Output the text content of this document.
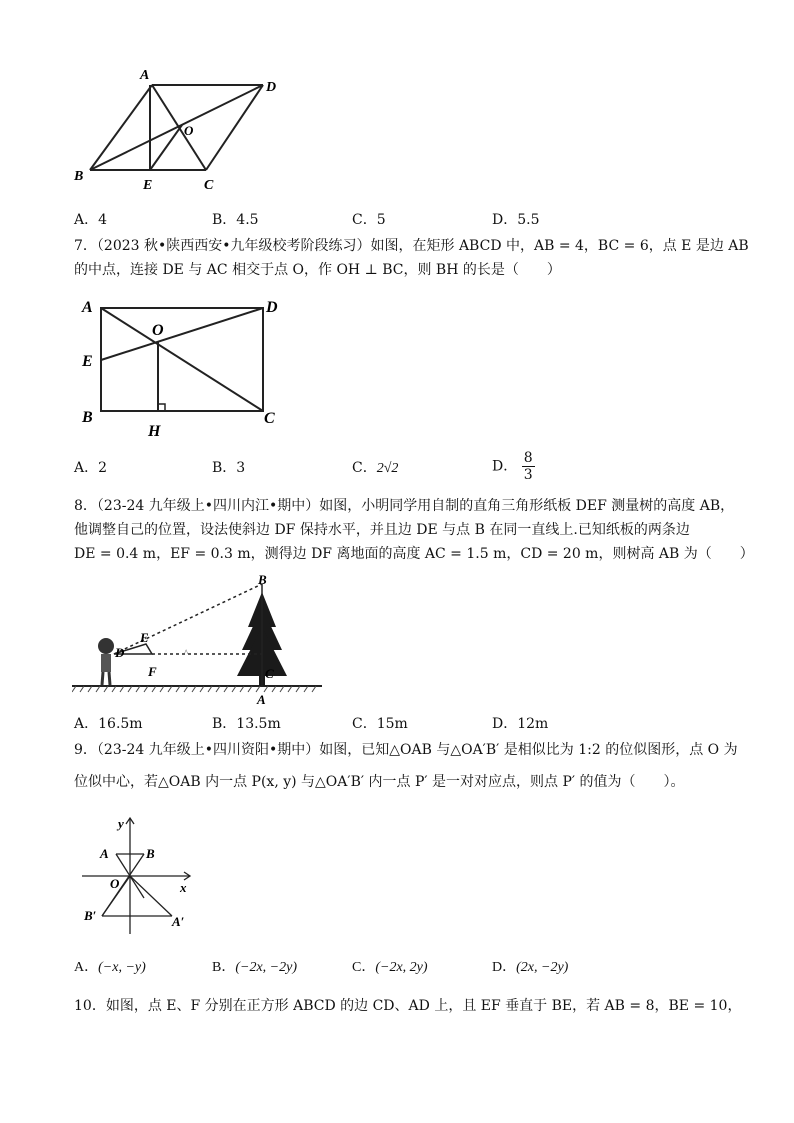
A
D
O
B
E	C
A．4	B．4.5	C．5	D．5.5
7．（2023 秋•陕西西安•九年级校考阶段练习）如图，在矩形 ABCD 中，AB = 4，BC = 6，点 E 是边 AB
的中点，连接 DE 与 AC 相交于点 O，作 OH ⊥ BC，则 BH 的长是（　　）
A	D
O
E
B
H
C
A．2	B．3	C．2√2	D． $\frac{8}{3}$
8．（23-24 九年级上•四川内江•期中）如图，小明同学用自制的直角三角形纸板 DEF 测量树的高度 AB，
他调整自己的位置，设法使斜边 DF 保持水平，并且边 DE 与点 B 在同一直线上.已知纸板的两条边
DE = 0.4 m，EF = 0.3 m，测得边 DF 离地面的高度 AC = 1.5 m，CD = 20 m，则树高 AB 为（　　）
^
B
E
D
F	C
A
A．16.5m	B．13.5m	C．15m	D．12m
9．（23-24 九年级上•四川资阳•期中）如图，已知△OAB 与△OA′B′ 是相似比为 1:2 的位似图形，点 O 为
位似中心，若△OAB 内一点 P(x, y) 与△OA′B′ 内一点 P′ 是一对对应点，则点 P′ 的值为（　　）。
y
x
A	B
O
B′	A′
A．(−x, −y)	B．(−2x, −2y)	C．(−2x, 2y)	D．(2x, −2y)
10．如图，点 E、F 分别在正方形 ABCD 的边 CD、AD 上，且 EF 垂直于 BE，若 AB = 8，BE = 10，
